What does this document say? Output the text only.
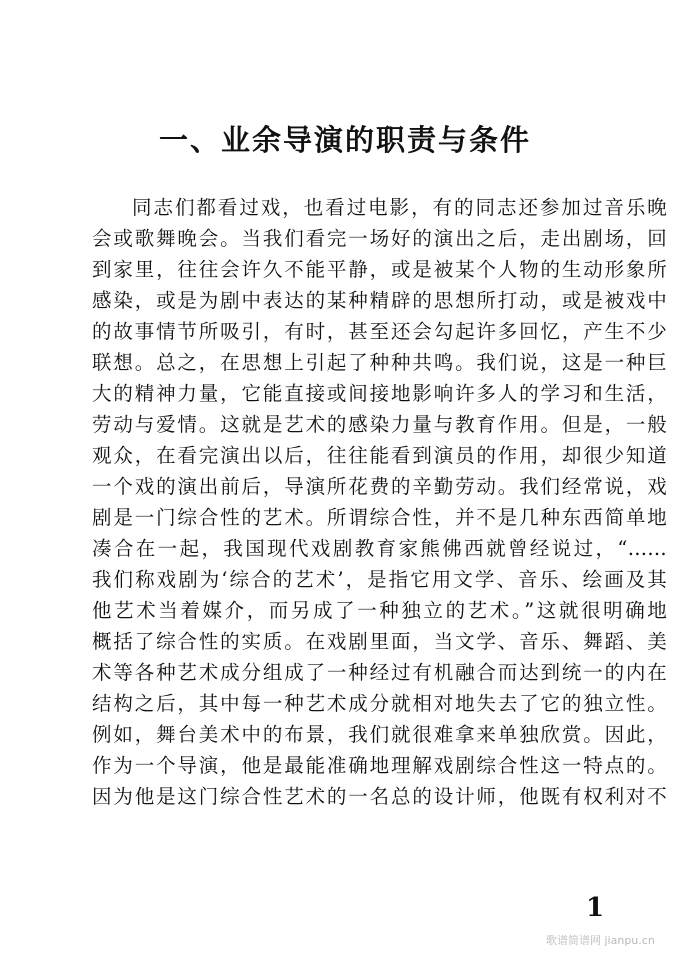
一、业余导演的职责与条件
同志们都看过戏，也看过电影，有的同志还参加过音乐晚
会或歌舞晚会。当我们看完一场好的演出之后，走出剧场，回
到家里，往往会许久不能平静，或是被某个人物的生动形象所
感染，或是为剧中表达的某种精辟的思想所打动，或是被戏中
的故事情节所吸引，有时，甚至还会勾起许多回忆，产生不少
联想。总之，在思想上引起了种种共鸣。我们说，这是一种巨
大的精神力量，它能直接或间接地影响许多人的学习和生活，
劳动与爱情。这就是艺术的感染力量与教育作用。但是，一般
观众，在看完演出以后，往往能看到演员的作用，却很少知道
一个戏的演出前后，导演所花费的辛勤劳动。我们经常说，戏
剧是一门综合性的艺术。所谓综合性，并不是几种东西简单地
凑合在一起，我国现代戏剧教育家熊佛西就曾经说过，“……
我们称戏剧为‘综合的艺术’，是指它用文学、音乐、绘画及其
他艺术当着媒介，而另成了一种独立的艺术。”这就很明确地
概括了综合性的实质。在戏剧里面，当文学、音乐、舞蹈、美
术等各种艺术成分组成了一种经过有机融合而达到统一的内在
结构之后，其中每一种艺术成分就相对地失去了它的独立性。
例如，舞台美术中的布景，我们就很难拿来单独欣赏。因此，
作为一个导演，他是最能准确地理解戏剧综合性这一特点的。
因为他是这门综合性艺术的一名总的设计师，他既有权利对不
1
歌谱简谱网 jianpu.cn
